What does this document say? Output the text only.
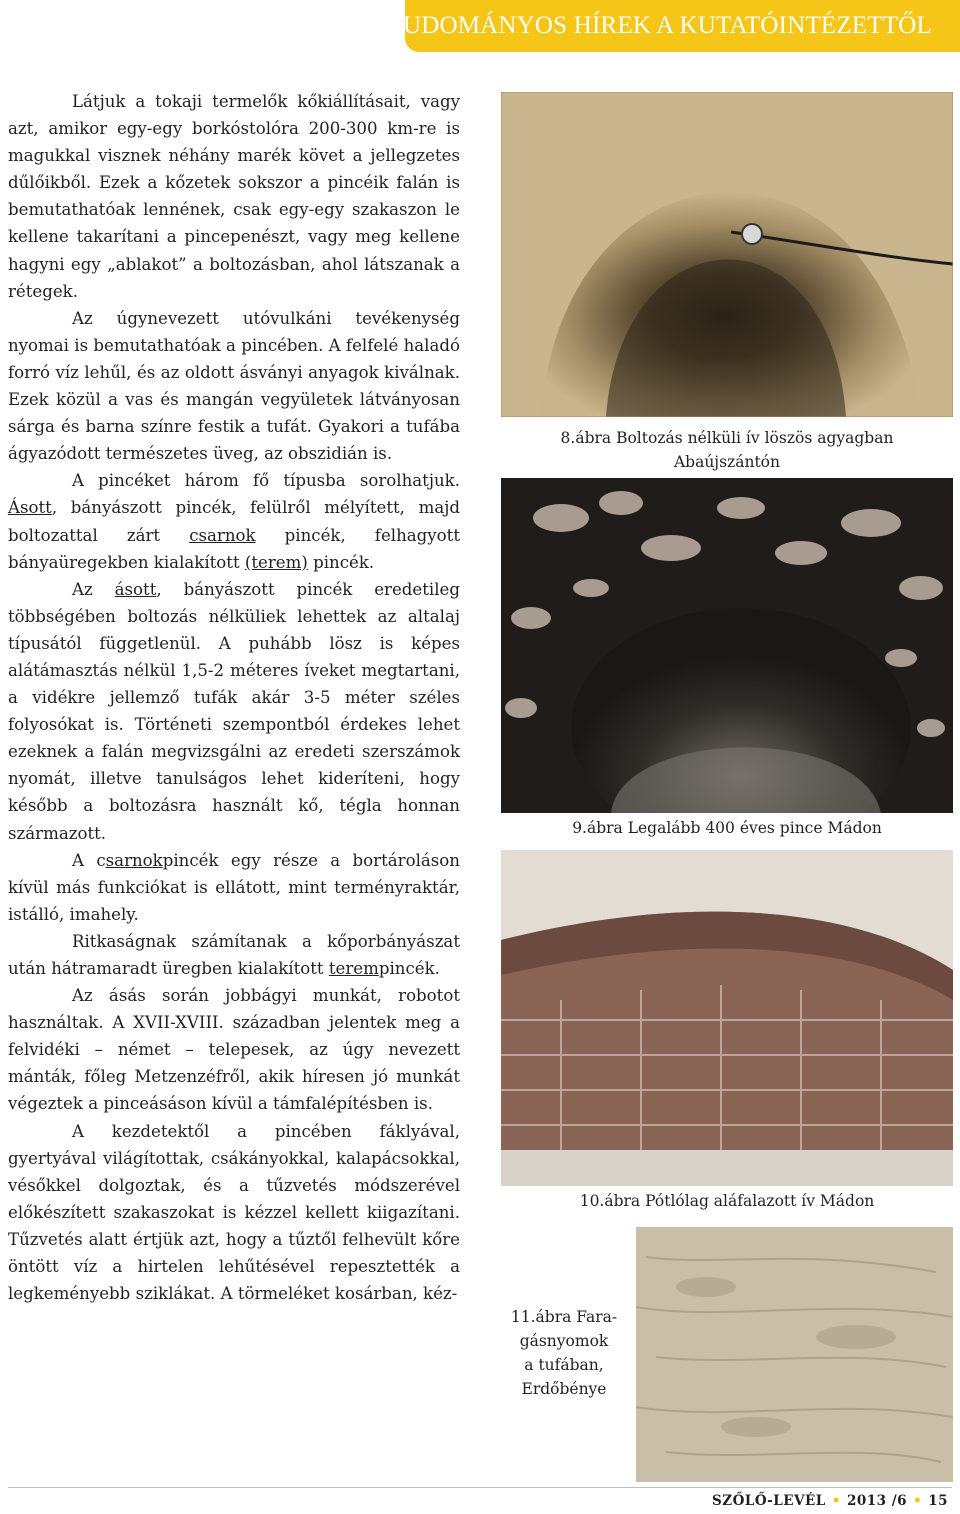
TUDOMÁNYOS HÍREK A KUTATÓINTÉZETTŐL

Látjuk a tokaji termelők kőkiállításait, vagy azt, amikor egy-egy borkóstolóra 200-300 km-re is magukkal visznek néhány marék követ a jellegzetes dűlőikből. Ezek a kőzetek sokszor a pincéik falán is bemutathatóak lennének, csak egy-egy szakaszon le kellene takarítani a pincepenészt, vagy meg kellene hagyni egy „ablakot” a boltozásban, ahol látszanak a rétegek.

Az úgynevezett utóvulkáni tevékenység nyomai is bemutathatóak a pincében. A felfelé haladó forró víz lehűl, és az oldott ásványi anyagok kiválnak. Ezek közül a vas és mangán vegyületek látványosan sárga és barna színre festik a tufát. Gyakori a tufába ágyazódott természetes üveg, az obszidián is.

A pincéket három fő típusba sorolhatjuk. Ásott, bányászott pincék, felülről mélyített, majd boltozattal zárt csarnok pincék, felhagyott bányaüregekben kialakított (terem) pincék.

Az ásott, bányászott pincék eredetileg többségében boltozás nélküliek lehettek az altalaj típusától függetlenül. A puhább lösz is képes alátámasztás nélkül 1,5-2 méteres íveket megtartani, a vidékre jellemző tufák akár 3-5 méter széles folyosókat is. Történeti szempontból érdekes lehet ezeknek a falán megvizsgálni az eredeti szerszámok nyomát, illetve tanulságos lehet kideríteni, hogy később a boltozásra használt kő, tégla honnan származott.

A csarnokpincék egy része a bortároláson kívül más funkciókat is ellátott, mint terményraktár, istálló, imahely.

Ritkaságnak számítanak a kőporbányászat után hátramaradt üregben kialakított terempincék.

Az ásás során jobbágyi munkát, robotot használtak. A XVII-XVIII. században jelentek meg a felvidéki – német – telepesek, az úgy nevezett mánták, főleg Metzenzéfről, akik híresen jó munkát végeztek a pinceásáson kívül a támfalépítésben is.

A kezdetektől a pincében fáklyával, gyertyával világítottak, csákányokkal, kalapácsokkal, vésőkkel dolgoztak, és a tűzvetés módszerével előkészített szakaszokat is kézzel kellett kiigazítani. Tűzvetés alatt értjük azt, hogy a tűztől felhevült kőre öntött víz a hirtelen lehűtésével repesztették a legkeményebb sziklákat. A törmeléket kosárban, kéz-

8.ábra Boltozás nélküli ív löszös agyagban
Abaújszántón
9.ábra Legalább 400 éves pince Mádon
10.ábra Pótlólag aláfalazott ív Mádon
11.ábra Fara-
gásnyomok
a tufában,
Erdőbénye
SZŐLŐ-LEVÉL • 2013 /6 • 15
